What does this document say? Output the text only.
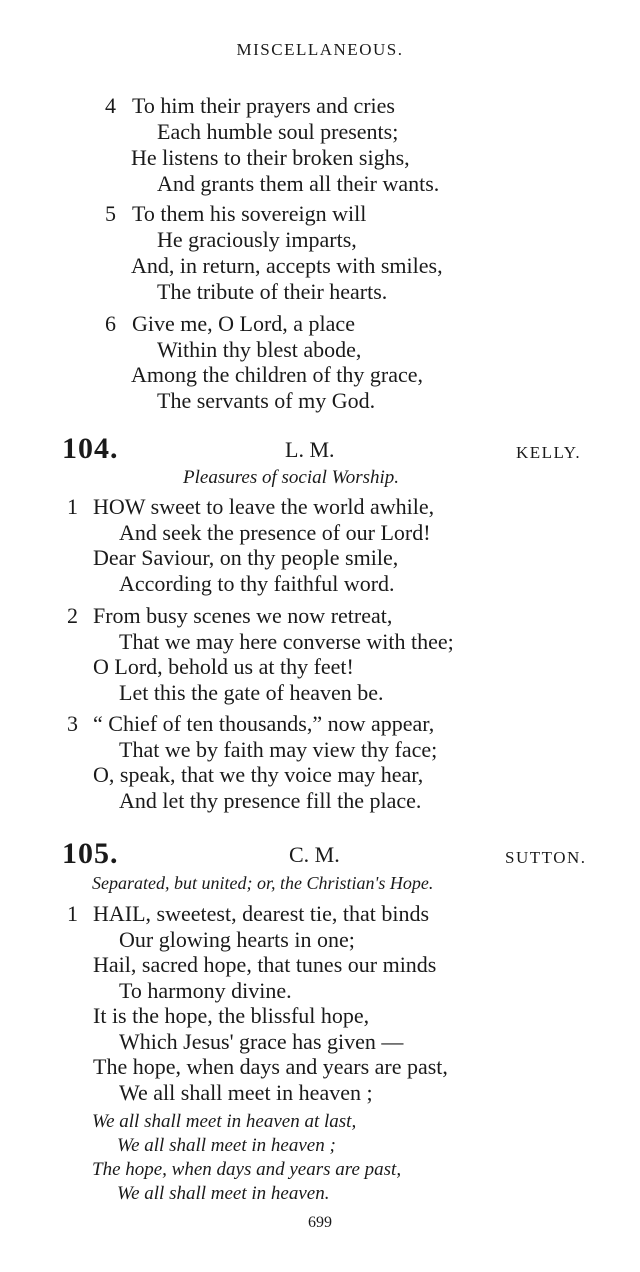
MISCELLANEOUS.
4 To him their prayers and cries
Each humble soul presents;
He listens to their broken sighs,
And grants them all their wants.
5 To them his sovereign will
He graciously imparts,
And, in return, accepts with smiles,
The tribute of their hearts.
6 Give me, O Lord, a place
Within thy blest abode,
Among the children of thy grace,
The servants of my God.
104.	L. M.	KELLY.
Pleasures of social Worship.
1 HOW sweet to leave the world awhile,
And seek the presence of our Lord!
Dear Saviour, on thy people smile,
According to thy faithful word.
2 From busy scenes we now retreat,
That we may here converse with thee;
O Lord, behold us at thy feet!
Let this the gate of heaven be.
3 “ Chief of ten thousands,” now appear,
That we by faith may view thy face;
O, speak, that we thy voice may hear,
And let thy presence fill the place.
105.	C. M.	SUTTON.
Separated, but united; or, the Christian's Hope.
1 HAIL, sweetest, dearest tie, that binds
Our glowing hearts in one;
Hail, sacred hope, that tunes our minds
To harmony divine.
It is the hope, the blissful hope,
Which Jesus' grace has given —
The hope, when days and years are past,
We all shall meet in heaven ;
We all shall meet in heaven at last,
We all shall meet in heaven ;
The hope, when days and years are past,
We all shall meet in heaven.
699
